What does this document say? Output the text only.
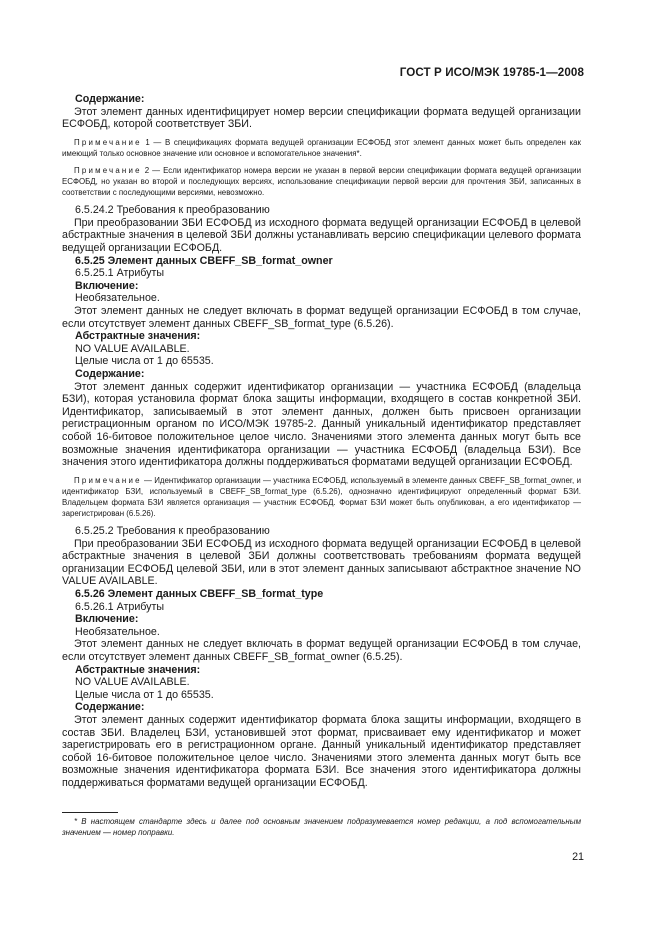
ГОСТ Р ИСО/МЭК 19785-1—2008
Содержание:
Этот элемент данных идентифицирует номер версии спецификации формата ведущей организации ЕСФОБД, которой соответствует ЗБИ.
Примечание 1 — В спецификациях формата ведущей организации ЕСФОБД этот элемент данных может быть определен как имеющий только основное значение или основное и вспомогательное значения*.
Примечание 2 — Если идентификатор номера версии не указан в первой версии спецификации формата ведущей организации ЕСФОБД, но указан во второй и последующих версиях, использование спецификации первой версии для прочтения ЗБИ, записанных в соответствии с последующими версиями, невозможно.
6.5.24.2 Требования к преобразованию
При преобразовании ЗБИ ЕСФОБД из исходного формата ведущей организации ЕСФОБД в целевой абстрактные значения в целевой ЗБИ должны устанавливать версию спецификации целевого формата ведущей организации ЕСФОБД.
6.5.25 Элемент данных CBEFF_SB_format_owner
6.5.25.1 Атрибуты
Включение:
Необязательное.
Этот элемент данных не следует включать в формат ведущей организации ЕСФОБД в том случае, если отсутствует элемент данных CBEFF_SB_format_type (6.5.26).
Абстрактные значения:
NO VALUE AVAILABLE.
Целые числа от 1 до 65535.
Содержание:
Этот элемент данных содержит идентификатор организации — участника ЕСФОБД (владельца БЗИ), которая установила формат блока защиты информации, входящего в состав конкретной ЗБИ. Идентификатор, записываемый в этот элемент данных, должен быть присвоен организации регистрационным органом по ИСО/МЭК 19785-2. Данный уникальный идентификатор представляет собой 16-битовое положительное целое число. Значениями этого элемента данных могут быть все возможные значения идентификатора организации — участника ЕСФОБД (владельца БЗИ). Все значения этого идентификатора должны поддерживаться форматами ведущей организации ЕСФОБД.
Примечание — Идентификатор организации — участника ЕСФОБД, используемый в элементе данных CBEFF_SB_format_owner, и идентификатор БЗИ, используемый в CBEFF_SB_format_type (6.5.26), однозначно идентифицируют определенный формат БЗИ. Владельцем формата БЗИ является организация — участник ЕСФОБД. Формат БЗИ может быть опубликован, а его идентификатор — зарегистрирован (6.5.26).
6.5.25.2 Требования к преобразованию
При преобразовании ЗБИ ЕСФОБД из исходного формата ведущей организации ЕСФОБД в целевой абстрактные значения в целевой ЗБИ должны соответствовать требованиям формата ведущей организации ЕСФОБД целевой ЗБИ, или в этот элемент данных записывают абстрактное значение NO VALUE AVAILABLE.
6.5.26 Элемент данных CBEFF_SB_format_type
6.5.26.1 Атрибуты
Включение:
Необязательное.
Этот элемент данных не следует включать в формат ведущей организации ЕСФОБД в том случае, если отсутствует элемент данных CBEFF_SB_format_owner (6.5.25).
Абстрактные значения:
NO VALUE AVAILABLE.
Целые числа от 1 до 65535.
Содержание:
Этот элемент данных содержит идентификатор формата блока защиты информации, входящего в состав ЗБИ. Владелец БЗИ, установившей этот формат, присваивает ему идентификатор и может зарегистрировать его в регистрационном органе. Данный уникальный идентификатор представляет собой 16-битовое положительное целое число. Значениями этого элемента данных могут быть все возможные значения идентификатора формата БЗИ. Все значения этого идентификатора должны поддерживаться форматами ведущей организации ЕСФОБД.
* В настоящем стандарте здесь и далее под основным значением подразумевается номер редакции, а под вспомогательным значением — номер поправки.
21
